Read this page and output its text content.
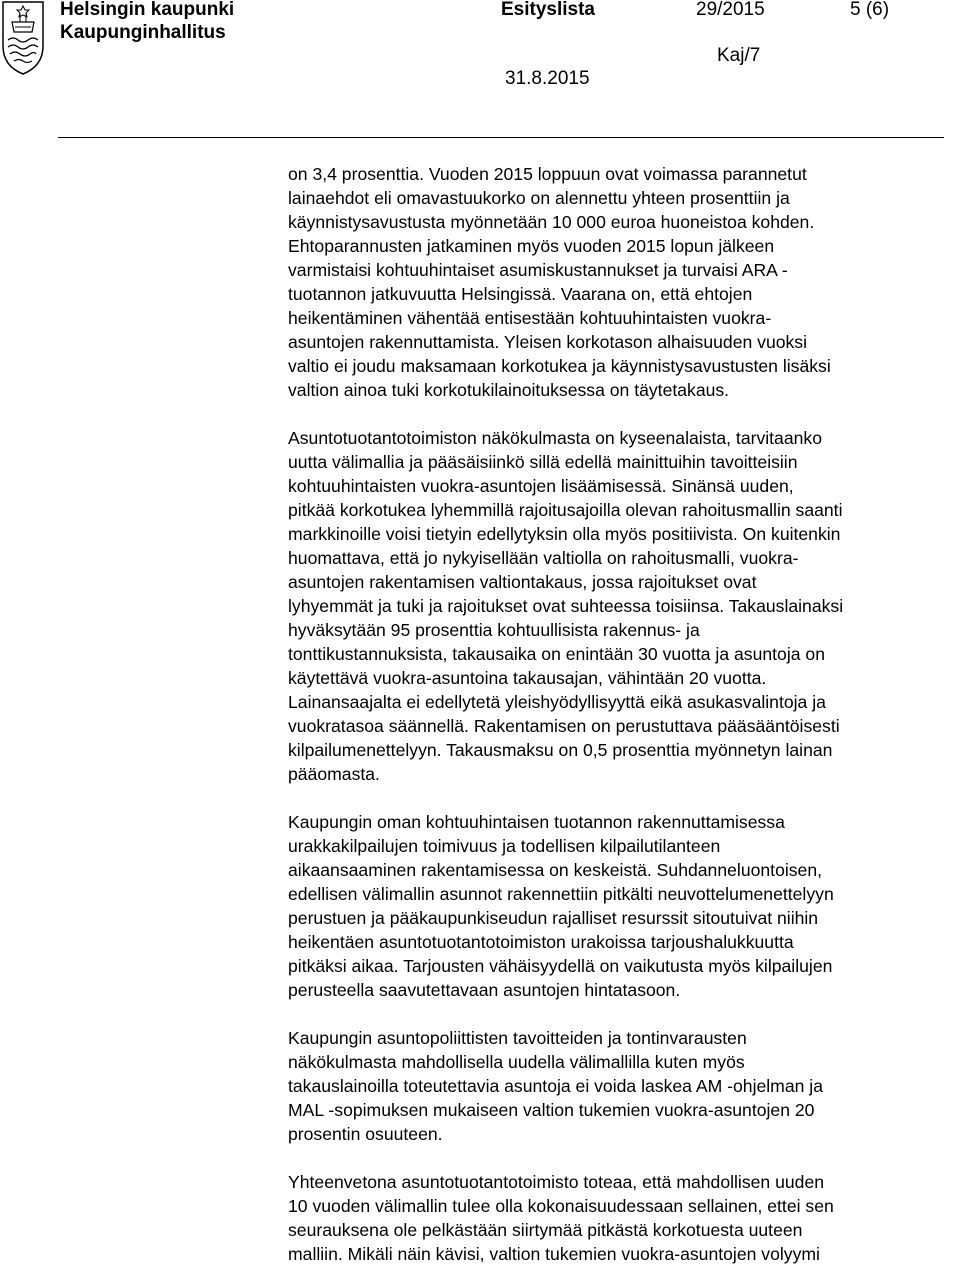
Helsingin kaupunki
Kaupunginhallitus
Esityslista	29/2015	5 (6)
Kaj/7
31.8.2015

on 3,4 prosenttia. Vuoden 2015 loppuun ovat voimassa parannetut
lainaehdot eli omavastuukorko on alennettu yhteen prosenttiin ja
käynnistysavustusta myönnetään 10 000 euroa huoneistoa kohden.
Ehtoparannusten jatkaminen myös vuoden 2015 lopun jälkeen
varmistaisi kohtuuhintaiset asumiskustannukset ja turvaisi ARA -
tuotannon jatkuvuutta Helsingissä. Vaarana on, että ehtojen
heikentäminen vähentää entisestään kohtuuhintaisten vuokra-
asuntojen rakennuttamista. Yleisen korkotason alhaisuuden vuoksi
valtio ei joudu maksamaan korkotukea ja käynnistysavustusten lisäksi
valtion ainoa tuki korkotukilainoituksessa on täytetakaus.

Asuntotuotantotoimiston näkökulmasta on kyseenalaista, tarvitaanko
uutta välimallia ja pääsäisiinkö sillä edellä mainittuihin tavoitteisiin
kohtuuhintaisten vuokra-asuntojen lisäämisessä. Sinänsä uuden,
pitkää korkotukea lyhemmillä rajoitusajoilla olevan rahoitusmallin saanti
markkinoille voisi tietyin edellytyksin olla myös positiivista. On kuitenkin
huomattava, että jo nykyisellään valtiolla on rahoitusmalli, vuokra-
asuntojen rakentamisen valtiontakaus, jossa rajoitukset ovat
lyhyemmät ja tuki ja rajoitukset ovat suhteessa toisiinsa. Takauslainaksi
hyväksytään 95 prosenttia kohtuullisista rakennus- ja
tonttikustannuksista, takausaika on enintään 30 vuotta ja asuntoja on
käytettävä vuokra-asuntoina takausajan, vähintään 20 vuotta.
Lainansaajalta ei edellytetä yleishyödyllisyyttä eikä asukasvalintoja ja
vuokratasoa säännellä. Rakentamisen on perustuttava pääsääntöisesti
kilpailumenettelyyn. Takausmaksu on 0,5 prosenttia myönnetyn lainan
pääomasta.

Kaupungin oman kohtuuhintaisen tuotannon rakennuttamisessa
urakkakilpailujen toimivuus ja todellisen kilpailutilanteen
aikaansaaminen rakentamisessa on keskeistä. Suhdanneluontoisen,
edellisen välimallin asunnot rakennettiin pitkälti neuvottelumenettelyyn
perustuen ja pääkaupunkiseudun rajalliset resurssit sitoutuivat niihin
heikentäen asuntotuotantotoimiston urakoissa tarjoushalukkuutta
pitkäksi aikaa. Tarjousten vähäisyydellä on vaikutusta myös kilpailujen
perusteella saavutettavaan asuntojen hintatasoon.

Kaupungin asuntopoliittisten tavoitteiden ja tontinvarausten
näkökulmasta mahdollisella uudella välimallilla kuten myös
takauslainoilla toteutettavia asuntoja ei voida laskea AM -ohjelman ja
MAL -sopimuksen mukaiseen valtion tukemien vuokra-asuntojen 20
prosentin osuuteen.

Yhteenvetona asuntotuotantotoimisto toteaa, että mahdollisen uuden
10 vuoden välimallin tulee olla kokonaisuudessaan sellainen, ettei sen
seurauksena ole pelkästään siirtymää pitkästä korkotuesta uuteen
malliin. Mikäli näin kävisi, valtion tukemien vuokra-asuntojen volyymi
